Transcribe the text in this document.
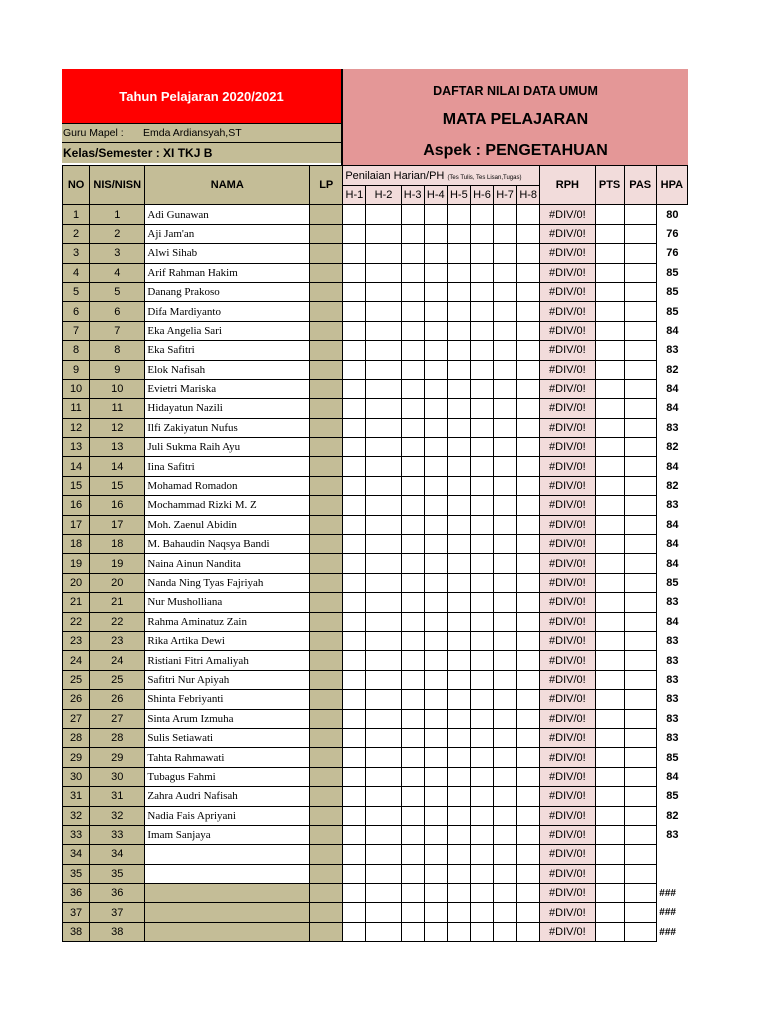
Tahun Pelajaran 2020/2021
Guru Mapel :	Emda Ardiansyah,ST
Kelas/Semester : XI TKJ B
DAFTAR NILAI DATA UMUM
MATA PELAJARAN
Aspek : PENGETAHUAN
NO	NIS/NISN	NAMA	LP	Penilaian Harian/PH (Tes Tulis, Tes Lisan,Tugas)								RPH	PTS	PAS	HPA
				H-1	H-2	H-3	H-4	H-5	H-6	H-7	H-8				
1	1	Adi Gunawan										#DIV/0!			80
2	2	Aji Jam'an										#DIV/0!			76
3	3	Alwi Sihab										#DIV/0!			76
4	4	Arif Rahman Hakim										#DIV/0!			85
5	5	Danang Prakoso										#DIV/0!			85
6	6	Difa Mardiyanto										#DIV/0!			85
7	7	Eka Angelia Sari										#DIV/0!			84
8	8	Eka Safitri										#DIV/0!			83
9	9	Elok Nafisah										#DIV/0!			82
10	10	Evietri Mariska										#DIV/0!			84
11	11	Hidayatun Nazili										#DIV/0!			84
12	12	Ilfi Zakiyatun Nufus										#DIV/0!			83
13	13	Juli Sukma Raih Ayu										#DIV/0!			82
14	14	Iina Safitri										#DIV/0!			84
15	15	Mohamad Romadon										#DIV/0!			82
16	16	Mochammad Rizki M. Z										#DIV/0!			83
17	17	Moh. Zaenul Abidin										#DIV/0!			84
18	18	M. Bahaudin Naqsya Bandi										#DIV/0!			84
19	19	Naina Ainun Nandita										#DIV/0!			84
20	20	Nanda Ning Tyas Fajriyah										#DIV/0!			85
21	21	Nur Musholliana										#DIV/0!			83
22	22	Rahma Aminatuz Zain										#DIV/0!			84
23	23	Rika Artika Dewi										#DIV/0!			83
24	24	Ristiani Fitri Amaliyah										#DIV/0!			83
25	25	Safitri Nur Apiyah										#DIV/0!			83
26	26	Shinta Febriyanti										#DIV/0!			83
27	27	Sinta Arum Izmuha										#DIV/0!			83
28	28	Sulis Setiawati										#DIV/0!			83
29	29	Tahta Rahmawati										#DIV/0!			85
30	30	Tubagus Fahmi										#DIV/0!			84
31	31	Zahra Audri Nafisah										#DIV/0!			85
32	32	Nadia Fais Apriyani										#DIV/0!			82
33	33	Imam Sanjaya										#DIV/0!			83
34	34											#DIV/0!			
35	35											#DIV/0!			
36	36											#DIV/0!			###
37	37											#DIV/0!			###
38	38											#DIV/0!			###
